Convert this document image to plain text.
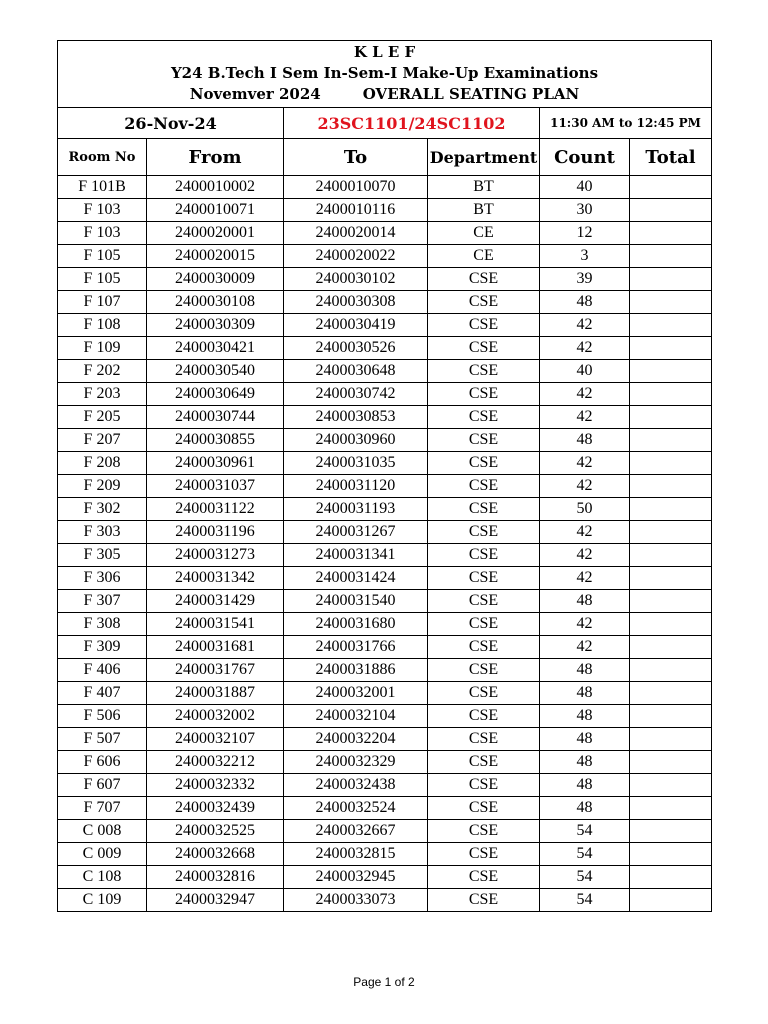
K L E F
Y24 B.Tech I Sem In-Sem-I Make-Up Examinations
Novemver 2024 OVERALL SEATING PLAN					

26-Nov-24		23SC1101/24SC1102		11:30 AM to 12:45 PM	
Room No	From	To	Department	Count	Total
F 101B	2400010002	2400010070	BT	40	
F 103	2400010071	2400010116	BT	30	
F 103	2400020001	2400020014	CE	12	
F 105	2400020015	2400020022	CE	3	
F 105	2400030009	2400030102	CSE	39	
F 107	2400030108	2400030308	CSE	48	
F 108	2400030309	2400030419	CSE	42	
F 109	2400030421	2400030526	CSE	42	
F 202	2400030540	2400030648	CSE	40	
F 203	2400030649	2400030742	CSE	42	
F 205	2400030744	2400030853	CSE	42	
F 207	2400030855	2400030960	CSE	48	
F 208	2400030961	2400031035	CSE	42	
F 209	2400031037	2400031120	CSE	42	
F 302	2400031122	2400031193	CSE	50	
F 303	2400031196	2400031267	CSE	42	
F 305	2400031273	2400031341	CSE	42	
F 306	2400031342	2400031424	CSE	42	
F 307	2400031429	2400031540	CSE	48	
F 308	2400031541	2400031680	CSE	42	
F 309	2400031681	2400031766	CSE	42	
F 406	2400031767	2400031886	CSE	48	
F 407	2400031887	2400032001	CSE	48	
F 506	2400032002	2400032104	CSE	48	
F 507	2400032107	2400032204	CSE	48	
F 606	2400032212	2400032329	CSE	48	
F 607	2400032332	2400032438	CSE	48	
F 707	2400032439	2400032524	CSE	48	
C 008	2400032525	2400032667	CSE	54	
C 009	2400032668	2400032815	CSE	54	
C 108	2400032816	2400032945	CSE	54	
C 109	2400032947	2400033073	CSE	54	
Page 1 of 2
